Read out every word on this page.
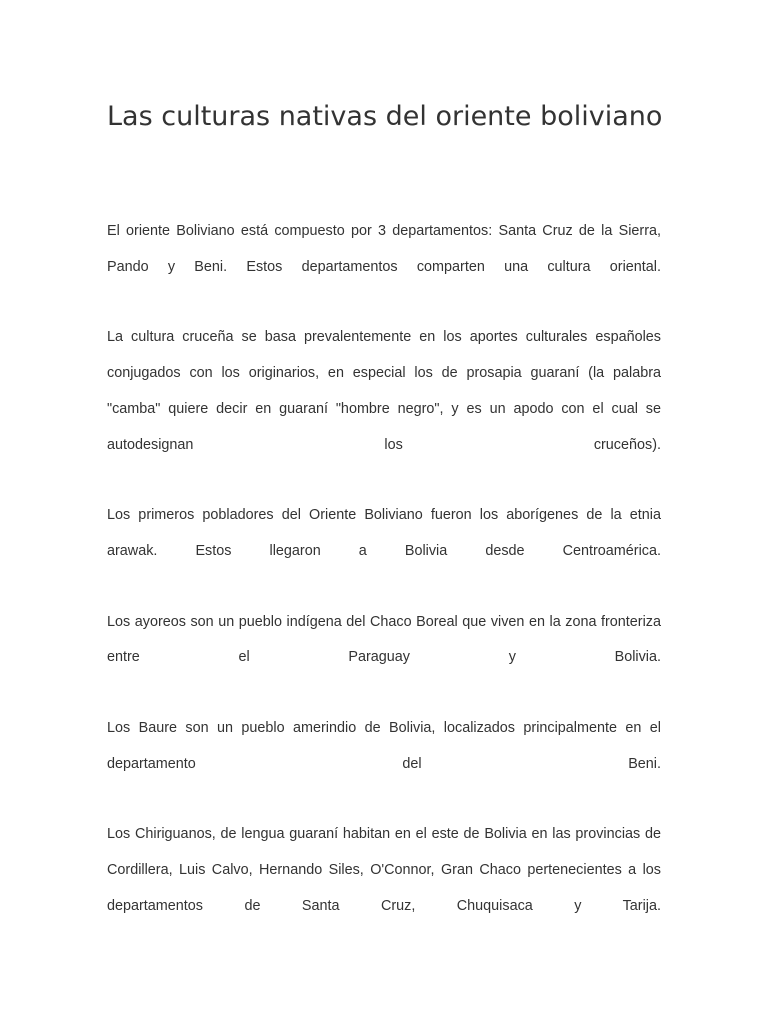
Las culturas nativas del oriente boliviano

El oriente Boliviano está compuesto por 3 departamentos: Santa Cruz de la Sierra, Pando y Beni. Estos departamentos comparten una cultura oriental.

La cultura cruceña se basa prevalentemente en los aportes culturales españoles conjugados con los originarios, en especial los de prosapia guaraní (la palabra "camba" quiere decir en guaraní "hombre negro", y es un apodo con el cual se autodesignan los cruceños).

Los primeros pobladores del Oriente Boliviano fueron los aborígenes de la etnia arawak. Estos llegaron a Bolivia desde Centroamérica.

Los ayoreos son un pueblo indígena del Chaco Boreal que viven en la zona fronteriza entre el Paraguay y Bolivia.

Los Baure son un pueblo amerindio de Bolivia, localizados principalmente en el departamento del Beni.

Los Chiriguanos, de lengua guaraní habitan en el este de Bolivia en las provincias de Cordillera, Luis Calvo, Hernando Siles, O'Connor, Gran Chaco pertenecientes a los departamentos de Santa Cruz, Chuquisaca y Tarija.
